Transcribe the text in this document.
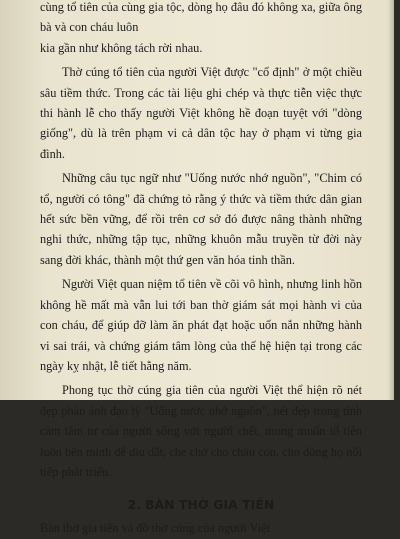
cùng tổ tiên của cùng gia tộc, dòng họ đâu đó không xa, giữa ông bà và con cháu luôn

kia gần như không tách rời nhau.

Thờ cúng tổ tiên của người Việt được "cố định" ở một chiều sâu tiềm thức. Trong các tài liệu ghi chép và thực tiễn việc thực thi hành lễ cho thấy người Việt không hề đoạn tuyệt với "dòng giống", dù là trên phạm vi cả dân tộc hay ở phạm vi từng gia đình.

Những câu tục ngữ như "Uống nước nhớ nguồn", "Chim có tổ, người có tông" đã chứng tỏ rằng ý thức và tiềm thức dân gian hết sức bền vững, để rồi trên cơ sở đó được nâng thành những nghi thức, những tập tục, những khuôn mẫu truyền từ đời này sang đời khác, thành một thứ gen văn hóa tinh thần.

Người Việt quan niệm tổ tiên về cõi vô hình, nhưng linh hồn không hề mất mà vẫn lui tới ban thờ giám sát mọi hành vi của con cháu, để giúp đỡ làm ăn phát đạt hoặc uốn nắn những hành vi sai trái, và chứng giám tâm lòng của thế hệ hiện tại trong các ngày kỵ nhật, lễ tiết hằng năm.

Phong tục thờ cúng gia tiên của người Việt thể hiện rõ nét đẹp phản ánh đạo lý "Uống nước nhớ nguồn", nét đẹp trong tình cảm tâm tư của người sống với người chết, mong muốn tổ tiên luôn bên mình để dìu dắt, che chở cho cháu con, cho dòng họ nối tiếp phát triển.

2. BÀN THỜ GIA TIÊN

Bàn thờ gia tiên và đồ thờ cúng của người Việt
